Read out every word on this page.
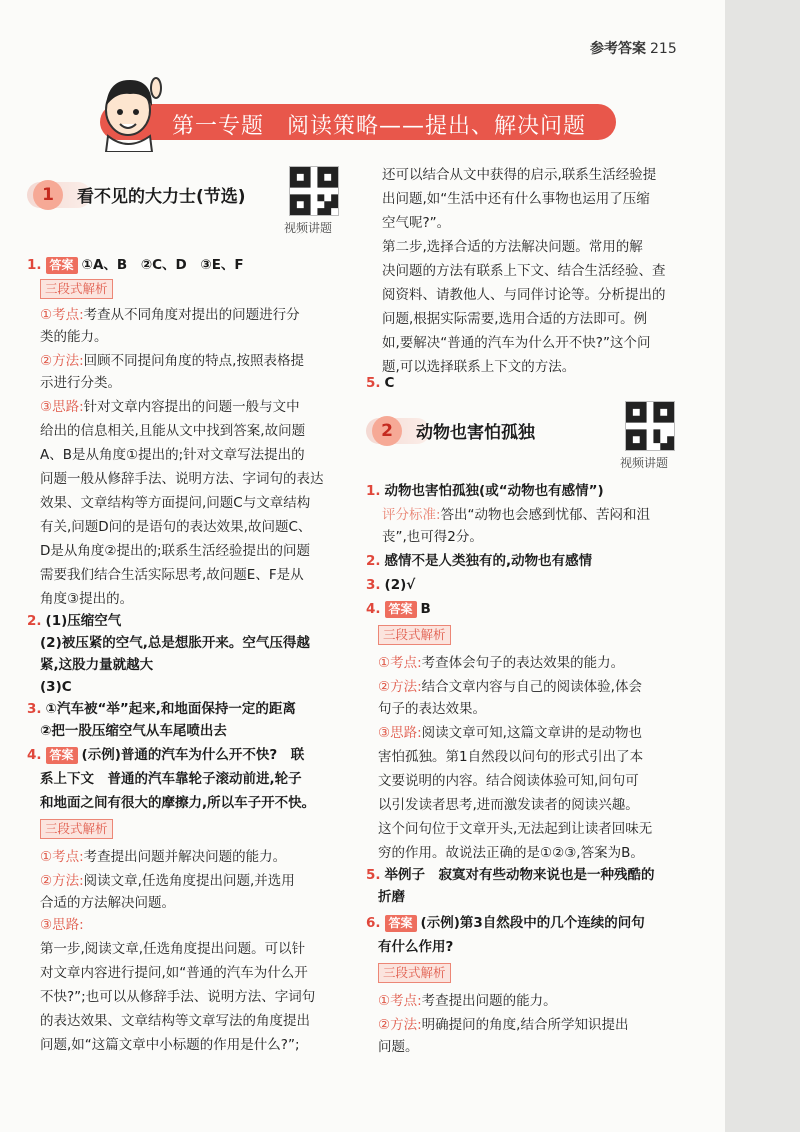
参考答案 215
第一专题　阅读策略——提出、解决问题
1	看不见的大力士(节选)
视频讲题
1. 答案 ①A、B　②C、D　③E、F
三段式解析
①考点:考查从不同角度对提出的问题进行分
类的能力。
②方法:回顾不同提问角度的特点,按照表格提
示进行分类。
③思路:针对文章内容提出的问题一般与文中
给出的信息相关,且能从文中找到答案,故问题
A、B是从角度①提出的;针对文章写法提出的
问题一般从修辞手法、说明方法、字词句的表达
效果、文章结构等方面提问,问题C与文章结构
有关,问题D问的是语句的表达效果,故问题C、
D是从角度②提出的;联系生活经验提出的问题
需要我们结合生活实际思考,故问题E、F是从
角度③提出的。
2. (1)压缩空气
(2)被压紧的空气,总是想胀开来。空气压得越
紧,这股力量就越大
(3)C
3. ①汽车被“举”起来,和地面保持一定的距离
②把一股压缩空气从车尾喷出去
4. 答案 (示例)普通的汽车为什么开不快?　联
系上下文　普通的汽车靠轮子滚动前进,轮子
和地面之间有很大的摩擦力,所以车子开不快。
三段式解析
①考点:考查提出问题并解决问题的能力。
②方法:阅读文章,任选角度提出问题,并选用
合适的方法解决问题。
③思路:
第一步,阅读文章,任选角度提出问题。可以针
对文章内容进行提问,如“普通的汽车为什么开
不快?”;也可以从修辞手法、说明方法、字词句
的表达效果、文章结构等文章写法的角度提出
问题,如“这篇文章中小标题的作用是什么?”;
还可以结合从文中获得的启示,联系生活经验提
出问题,如“生活中还有什么事物也运用了压缩
空气呢?”。
第二步,选择合适的方法解决问题。常用的解
决问题的方法有联系上下文、结合生活经验、查
阅资料、请教他人、与同伴讨论等。分析提出的
问题,根据实际需要,选用合适的方法即可。例
如,要解决“普通的汽车为什么开不快?”这个问
题,可以选择联系上下文的方法。
5. C
2	动物也害怕孤独
视频讲题
1. 动物也害怕孤独(或“动物也有感情”)
评分标准:答出“动物也会感到忧郁、苦闷和沮
丧”,也可得2分。
2. 感情不是人类独有的,动物也有感情
3. (2)√
4. 答案 B
三段式解析
①考点:考查体会句子的表达效果的能力。
②方法:结合文章内容与自己的阅读体验,体会
句子的表达效果。
③思路:阅读文章可知,这篇文章讲的是动物也
害怕孤独。第1自然段以问句的形式引出了本
文要说明的内容。结合阅读体验可知,问句可
以引发读者思考,进而激发读者的阅读兴趣。
这个问句位于文章开头,无法起到让读者回味无
穷的作用。故说法正确的是①②③,答案为B。
5. 举例子　寂寞对有些动物来说也是一种残酷的
折磨
6. 答案 (示例)第3自然段中的几个连续的问句
有什么作用?
三段式解析
①考点:考查提出问题的能力。
②方法:明确提问的角度,结合所学知识提出
问题。
